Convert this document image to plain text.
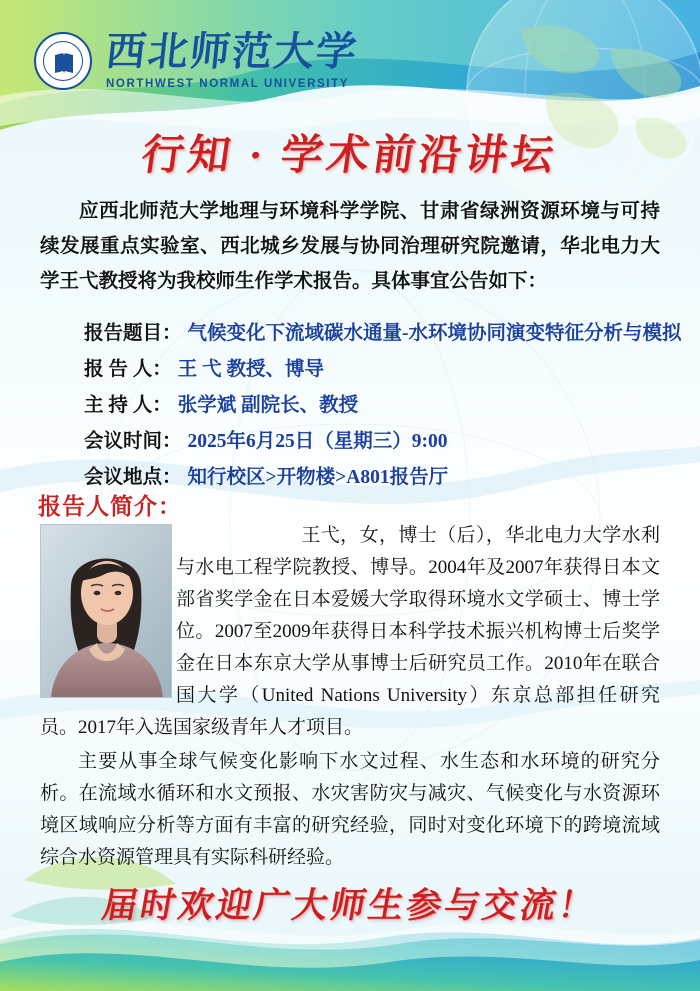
西北师范大学
NORTHWEST NORMAL UNIVERSITY
行知 · 学术前沿讲坛
应西北师范大学地理与环境科学学院、甘肃省绿洲资源环境与可持续发展重点实验室、西北城乡发展与协同治理研究院邀请，华北电力大学王弋教授将为我校师生作学术报告。具体事宜公告如下：
报告题目： 气候变化下流域碳水通量-水环境协同演变特征分析与模拟
报 告 人： 王 弋 教授、博导
主 持 人： 张学斌 副院长、教授
会议时间： 2025年6月25日（星期三）9:00
会议地点： 知行校区>开物楼>A801报告厅
报告人简介：

王弋，女，博士（后），华北电力大学水利与水电工程学院教授、博导。2004年及2007年获得日本文部省奖学金在日本爱媛大学取得环境水文学硕士、博士学位。2007至2009年获得日本科学技术振兴机构博士后奖学金在日本东京大学从事博士后研究员工作。2010年在联合国大学（United Nations University）东京总部担任研究员。2017年入选国家级青年人才项目。

主要从事全球气候变化影响下水文过程、水生态和水环境的研究分析。在流域水循环和水文预报、水灾害防灾与减灾、气候变化与水资源环境区域响应分析等方面有丰富的研究经验，同时对变化环境下的跨境流域综合水资源管理具有实际科研经验。

届时欢迎广大师生参与交流！
